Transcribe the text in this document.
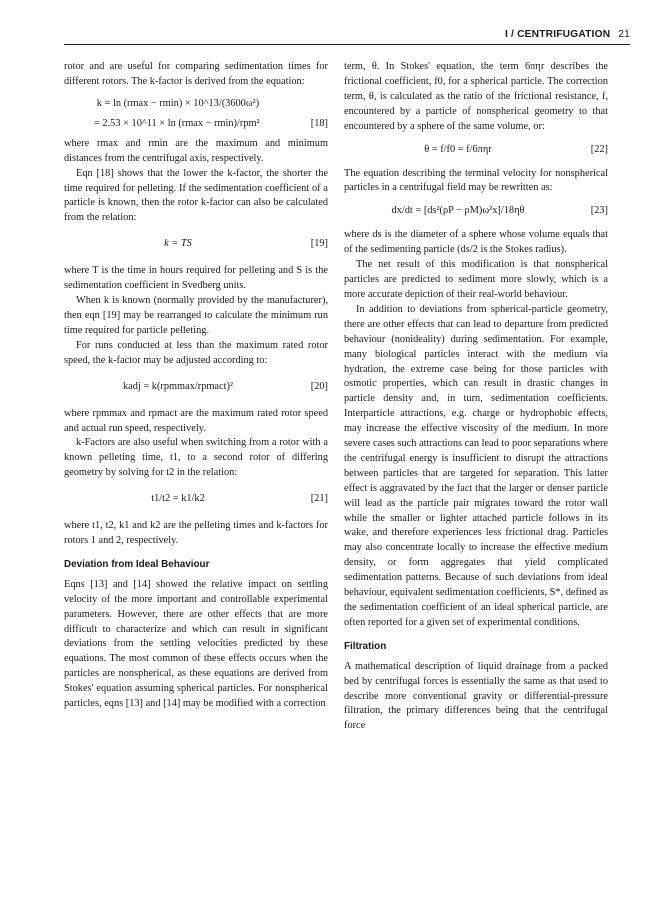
I / CENTRIFUGATION 21

rotor and are useful for comparing sedimentation times for different rotors. The k-factor is derived from the equation:

k = ln (rmax − rmin) × 10^13/(3600ω²)
= 2.53 × 10^11 × ln (rmax − rmin)/rpm²	[18]

where rmax and rmin are the maximum and minimum distances from the centrifugal axis, respectively.

Eqn [18] shows that the lower the k-factor, the shorter the time required for pelleting. If the sedimentation coefficient of a particle is known, then the rotor k-factor can also be calculated from the relation:

k = TS	[19]

where T is the time in hours required for pelleting and S is the sedimentation coefficient in Svedberg units.

When k is known (normally provided by the manufacturer), then eqn [19] may be rearranged to calculate the minimum run time required for particle pelleting.

For runs conducted at less than the maximum rated rotor speed, the k-factor may be adjusted according to:

kadj = k(rpmmax/rpmact)²	[20]

where rpmmax and rpmact are the maximum rated rotor speed and actual run speed, respectively.

k-Factors are also useful when switching from a rotor with a known pelleting time, t1, to a second rotor of differing geometry by solving for t2 in the relation:

t1/t2 = k1/k2	[21]

where t1, t2, k1 and k2 are the pelleting times and k-factors for rotors 1 and 2, respectively.

Deviation from Ideal Behaviour

Eqns [13] and [14] showed the relative impact on settling velocity of the more important and controllable experimental parameters. However, there are other effects that are more difficult to characterize and which can result in significant deviations from the settling velocities predicted by these equations. The most common of these effects occurs when the particles are nonspherical, as these equations are derived from Stokes' equation assuming spherical particles. For nonspherical particles, eqns [13] and [14] may be modified with a correction

term, θ. In Stokes' equation, the term 6πηr describes the frictional coefficient, f0, for a spherical particle. The correction term, θ, is calculated as the ratio of the frictional resistance, f, encountered by a particle of nonspherical geometry to that encountered by a sphere of the same volume, or:

θ = f/f0 = f/6πηr	[22]

The equation describing the terminal velocity for nonspherical particles in a centrifugal field may be rewritten as:

dx/dt = [ds²(ρP − ρM)ω²x]/18ηθ	[23]

where ds is the diameter of a sphere whose volume equals that of the sedimenting particle (ds/2 is the Stokes radius).

The net result of this modification is that nonspherical particles are predicted to sediment more slowly, which is a more accurate depiction of their real-world behaviour.

In addition to deviations from spherical-particle geometry, there are other effects that can lead to departure from predicted behaviour (nonideality) during sedimentation. For example, many biological particles interact with the medium via hydration, the extreme case being for those particles with osmotic properties, which can result in drastic changes in particle density and, in turn, sedimentation coefficients. Interparticle attractions, e.g. charge or hydrophobic effects, may increase the effective viscosity of the medium. In more severe cases such attractions can lead to poor separations where the centrifugal energy is insufficient to disrupt the attractions between particles that are targeted for separation. This latter effect is aggravated by the fact that the larger or denser particle will lead as the particle pair migrates toward the rotor wall while the smaller or lighter attached particle follows in its wake, and therefore experiences less frictional drag. Particles may also concentrate locally to increase the effective medium density, or form aggregates that yield complicated sedimentation patterns. Because of such deviations from ideal behaviour, equivalent sedimentation coefficients, S*, defined as the sedimentation coefficient of an ideal spherical particle, are often reported for a given set of experimental conditions.

Filtration

A mathematical description of liquid drainage from a packed bed by centrifugal forces is essentially the same as that used to describe more conventional gravity or differential-pressure filtration, the primary differences being that the centrifugal force
